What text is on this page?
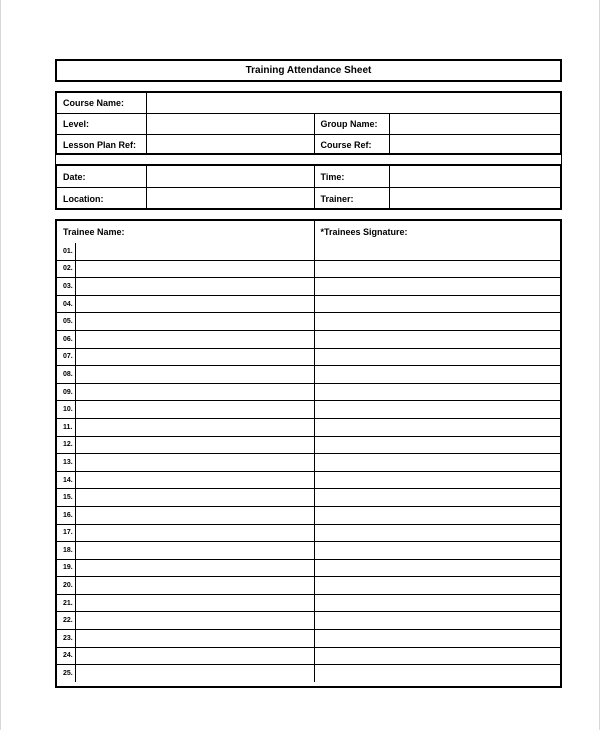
Training Attendance Sheet
Course Name:			
Level:		Group Name:	
Lesson Plan Ref:		Course Ref:	
Date:		Time:	
Location:		Trainer:	
Trainee Name:		*Trainees Signature:
01.		
02.		
03.		
04.		
05.		
06.		
07.		
08.		
09.		
10.		
11.		
12.		
13.		
14.		
15.		
16.		
17.		
18.		
19.		
20.		
21.		
22.		
23.		
24.		
25.		
